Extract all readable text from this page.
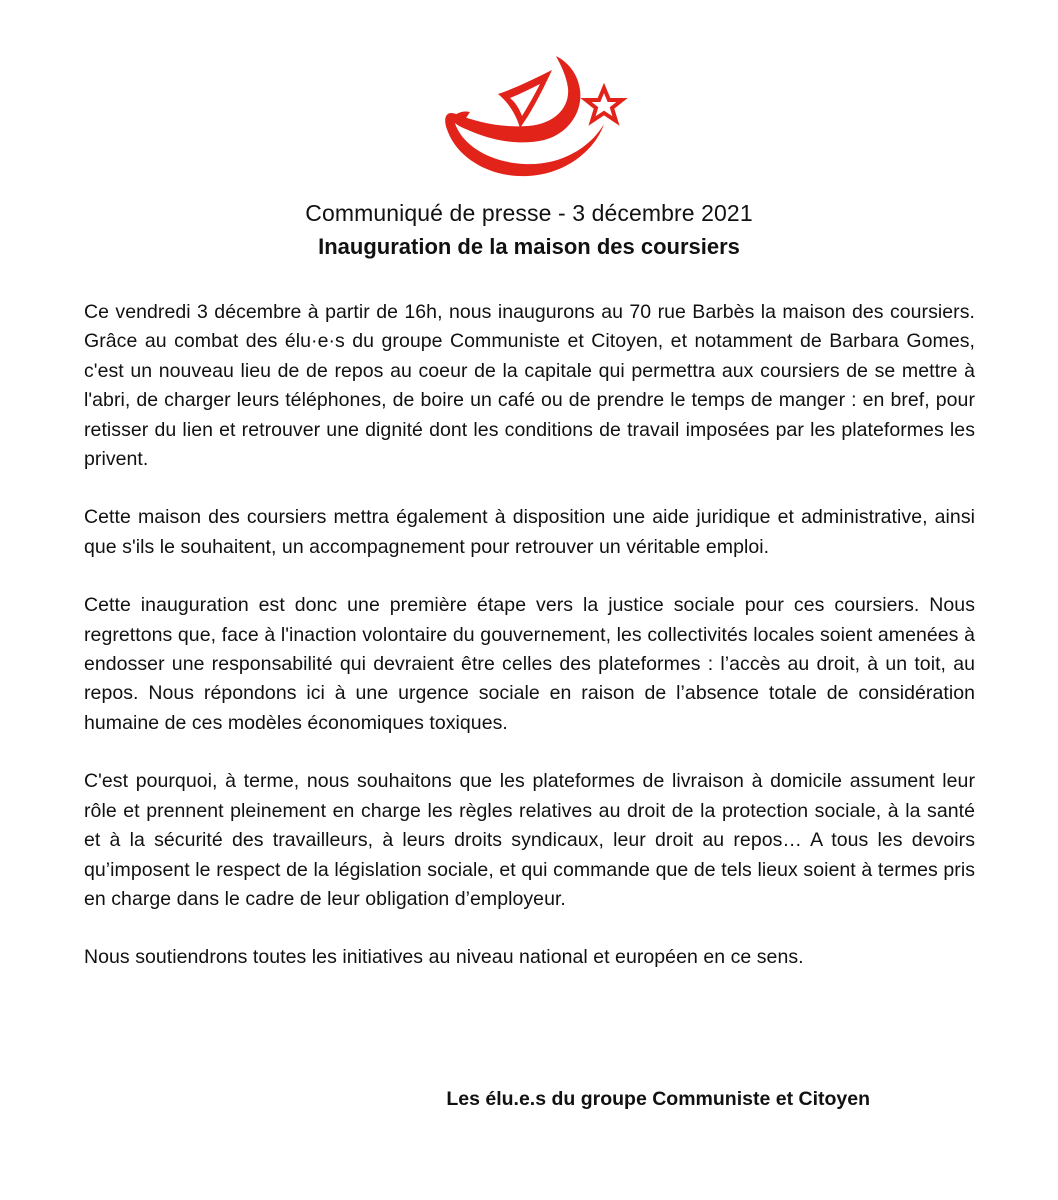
Communiqué de presse - 3 décembre 2021

Inauguration de la maison des coursiers

Ce vendredi 3 décembre à partir de 16h, nous inaugurons au 70 rue Barbès la maison des coursiers. Grâce au combat des élu·e·s du groupe Communiste et Citoyen, et notamment de Barbara Gomes, c'est un nouveau lieu de de repos au coeur de la capitale qui permettra aux coursiers de se mettre à l'abri, de charger leurs téléphones, de boire un café ou de prendre le temps de manger : en bref, pour retisser du lien et retrouver une dignité dont les conditions de travail imposées par les plateformes les privent.

Cette maison des coursiers mettra également à disposition une aide juridique et administrative, ainsi que s'ils le souhaitent, un accompagnement pour retrouver un véritable emploi.

Cette inauguration est donc une première étape vers la justice sociale pour ces coursiers. Nous regrettons que, face à l'inaction volontaire du gouvernement, les collectivités locales soient amenées à endosser une responsabilité qui devraient être celles des plateformes : l’accès au droit, à un toit, au repos. Nous répondons ici à une urgence sociale en raison de l’absence totale de considération humaine de ces modèles économiques toxiques.

C'est pourquoi, à terme, nous souhaitons que les plateformes de livraison à domicile assument leur rôle et prennent pleinement en charge les règles relatives au droit de la protection sociale, à la santé et à la sécurité des travailleurs, à leurs droits syndicaux, leur droit au repos… A tous les devoirs qu’imposent le respect de la législation sociale, et qui commande que de tels lieux soient à termes pris en charge dans le cadre de leur obligation d’employeur.

Nous soutiendrons toutes les initiatives au niveau national et européen en ce sens.

Les élu.e.s du groupe Communiste et Citoyen
